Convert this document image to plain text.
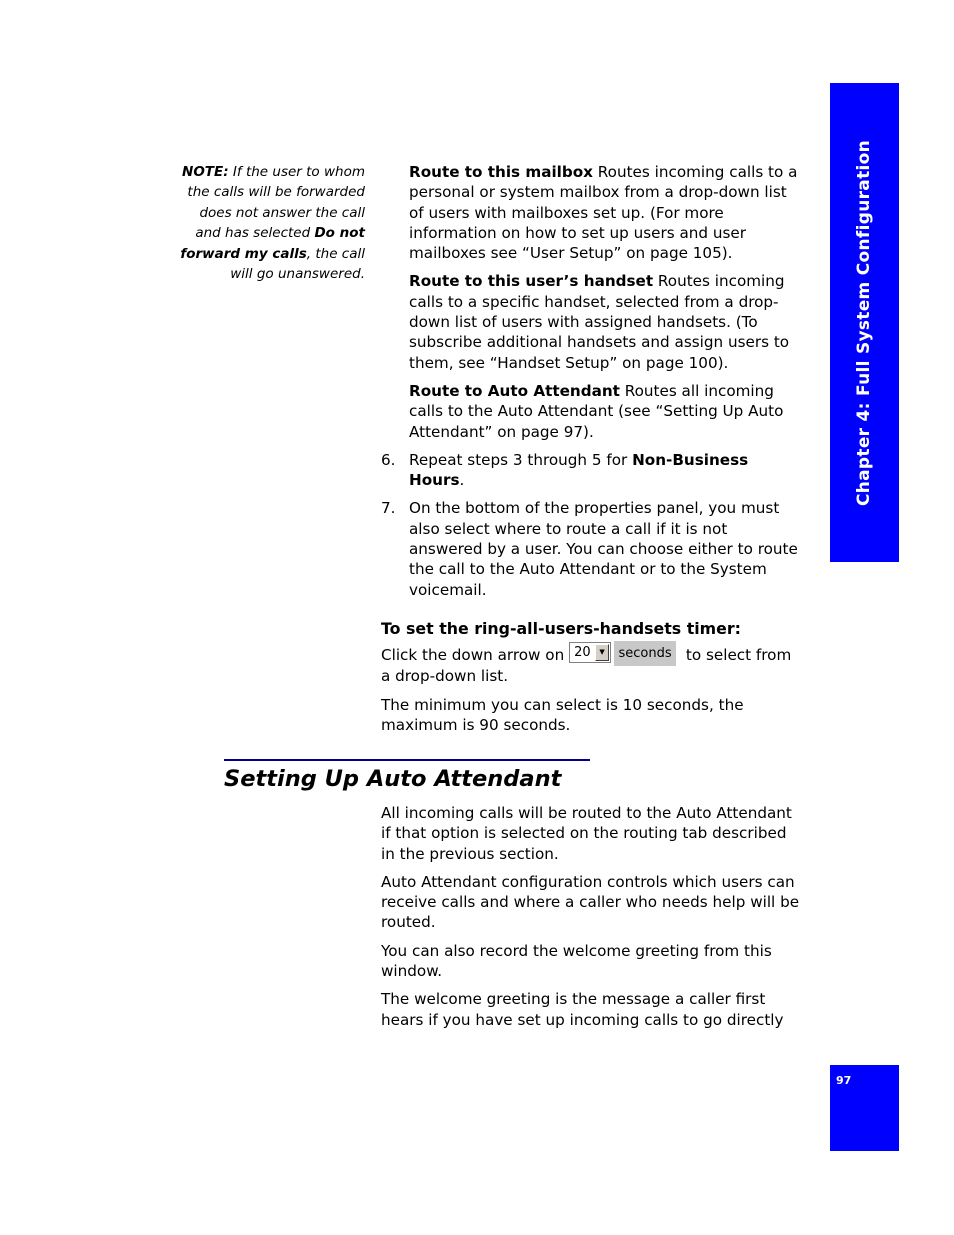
Chapter 4: Full System Configuration
97
NOTE: If the user to whom the calls will be forwarded does not answer the call and has selected Do not forward my calls, the call will go unanswered.

Route to this mailbox Routes incoming calls to a personal or system mailbox from a drop-down list of users with mailboxes set up. (For more information on how to set up users and user mailboxes see “User Setup” on page 105).

Route to this user’s handset Routes incoming calls to a specific handset, selected from a drop-down list of users with assigned handsets. (To subscribe additional handsets and assign users to them, see “Handset Setup” on page 100).

Route to Auto Attendant Routes all incoming calls to the Auto Attendant (see “Setting Up Auto Attendant” on page 97).

6. Repeat steps 3 through 5 for Non-Business Hours.
7. On the bottom of the properties panel, you must also select where to route a call if it is not answered by a user. You can choose either to route the call to the Auto Attendant or to the System voicemail.
To set the ring-all-users-handsets timer:

Click the down arrow on 20	▼	seconds to select from a drop-down list.

The minimum you can select is 10 seconds, the maximum is 90 seconds.

Setting Up Auto Attendant

All incoming calls will be routed to the Auto Attendant if that option is selected on the routing tab described in the previous section.

Auto Attendant configuration controls which users can receive calls and where a caller who needs help will be routed.

You can also record the welcome greeting from this window.

The welcome greeting is the message a caller first hears if you have set up incoming calls to go directly
